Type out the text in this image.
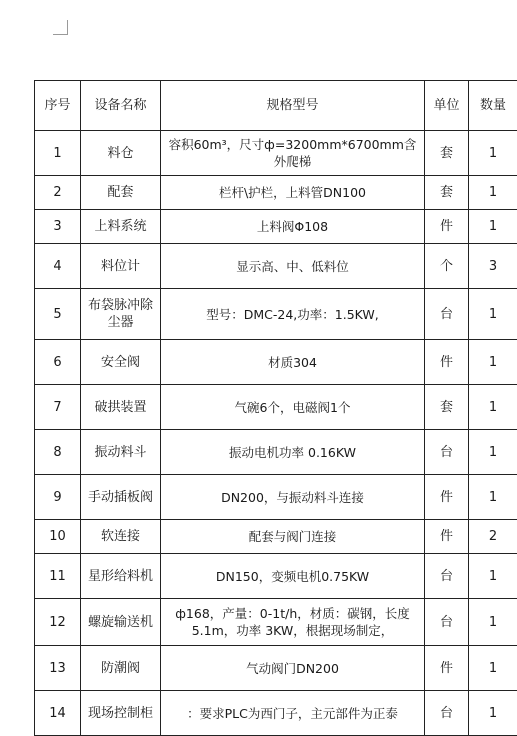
序号	设备名称	规格型号	单位	数量
1	料仓	容积60m³，尺寸ф=3200mm*6700mm含外爬梯	套	1
2	配套	栏杆\护栏，上料管DN100	套	1
3	上料系统	上料阀Φ108	件	1
4	料位计	显示高、中、低料位	个	3
5	布袋脉冲除尘器	型号：DMC-24,功率：1.5KW,	台	1
6	安全阀	材质304	件	1
7	破拱装置	气碗6个，电磁阀1个	套	1
8	振动料斗	振动电机功率 0.16KW	台	1
9	手动插板阀	DN200，与振动料斗连接	件	1
10	软连接	配套与阀门连接	件	2
11	星形给料机	DN150，变频电机0.75KW	台	1
12	螺旋输送机	ф168，产量：0-1t/h，材质：碳钢，长度5.1m，功率 3KW，根据现场制定，	台	1
13	防潮阀	气动阀门DN200	件	1
14	现场控制柜	：要求PLC为西门子，主元部件为正泰	台	1
